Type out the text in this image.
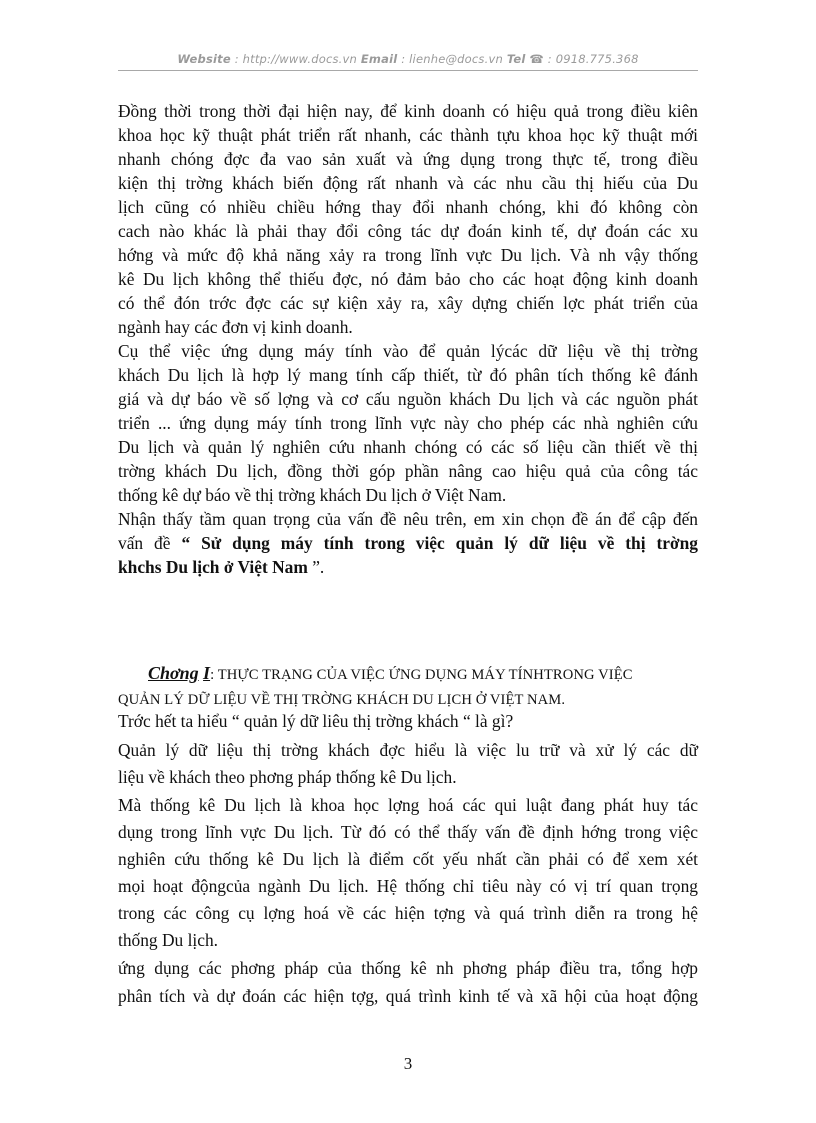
Website : http://www.docs.vn Email : lienhe@docs.vn Tel ☎ : 0918.775.368
Đồng thời trong thời đại hiện nay, để kinh doanh có hiệu quả trong điều kiên
khoa học kỹ thuật phát triển rất nhanh, các thành tựu khoa học kỹ thuật mới
nhanh chóng đợc đa vao sản xuất và ứng dụng trong thực tế, trong điều
kiện thị trờng khách biến động rất nhanh và các nhu cầu thị hiếu của Du
lịch cũng có nhiều chiều hớng thay đổi nhanh chóng, khi đó không còn
cach nào khác là phải thay đổi công tác dự đoán kinh tế, dự đoán các xu
hớng và mức độ khả năng xảy ra trong lĩnh vực Du lịch. Và nh vậy thống
kê Du lịch không thể thiếu đợc, nó đảm bảo cho các hoạt động kinh doanh
có thể đón trớc đợc các sự kiện xảy ra, xây dựng chiến lợc phát triển của
ngành hay các đơn vị kinh doanh.
Cụ thể việc ứng dụng máy tính vào để quản lýcác dữ liệu về thị trờng
khách Du lịch là hợp lý mang tính cấp thiết, từ đó phân tích thống kê đánh
giá và dự báo về số lợng và cơ cấu nguồn khách Du lịch và các nguồn phát
triển ... ứng dụng máy tính trong lĩnh vực này cho phép các nhà nghiên cứu
Du lịch và quản lý nghiên cứu nhanh chóng có các số liệu cần thiết về thị
trờng khách Du lịch, đồng thời góp phần nâng cao hiệu quả của công tác
thống kê dự báo về thị trờng khách Du lịch ở Việt Nam.
Nhận thấy tầm quan trọng của vấn đề nêu trên, em xin chọn đề án để cập đến
vấn đề “ Sử dụng máy tính trong việc quản lý dữ liệu về thị trờng
khchs Du lịch ở Việt Nam ”.
Chơng I: THỰC TRẠNG CỦA VIỆC ỨNG DỤNG MÁY TÍNHTRONG VIỆC
QUẢN LÝ DỮ LIỆU VỀ THỊ TRỜNG KHÁCH DU LỊCH Ở VIỆT NAM.
Trớc hết ta hiểu “ quản lý dữ liêu thị trờng khách “ là gì?
Quản lý dữ liệu thị trờng khách đợc hiểu là việc lu trữ và xử lý các dữ
liệu về khách theo phơng pháp thống kê Du lịch.
Mà thống kê Du lịch là khoa học lợng hoá các qui luật đang phát huy tác
dụng trong lĩnh vực Du lịch. Từ đó có thể thấy vấn đề định hớng trong việc
nghiên cứu thống kê Du lịch là điểm cốt yếu nhất cần phải có để xem xét
mọi hoạt độngcủa ngành Du lịch. Hệ thống chỉ tiêu này có vị trí quan trọng
trong các công cụ lợng hoá về các hiện tợng và quá trình diễn ra trong hệ
thống Du lịch.
ứng dụng các phơng pháp của thống kê nh phơng pháp điều tra, tổng hợp
phân tích và dự đoán các hiện tợg, quá trình kinh tế và xã hội của hoạt động
3
